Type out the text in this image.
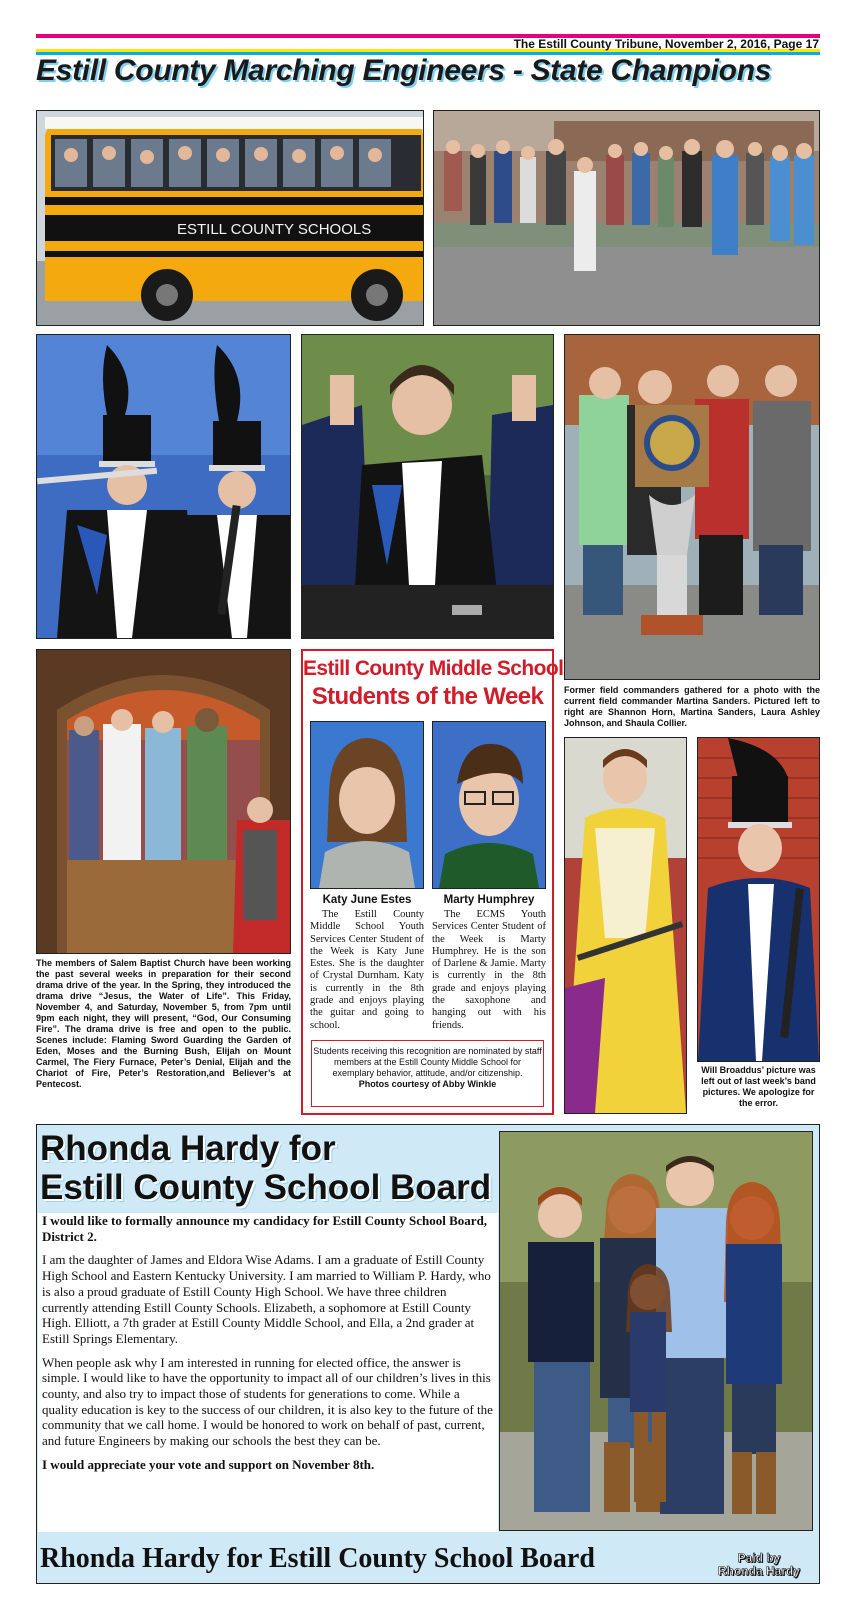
The Estill County Tribune, November 2, 2016, Page 17
Estill County Marching Engineers - State Champions
ESTILL COUNTY SCHOOLS
Former field commanders gathered for a photo with the current field commander Martina Sanders. Pictured left to right are Shannon Horn, Martina Sanders, Laura Ashley Johnson, and Shaula Collier.
The members of Salem Baptist Church have been working the past several weeks in preparation for their second drama drive of the year. In the Spring, they introduced the drama drive “Jesus, the Water of Life”. This Friday, November 4, and Saturday, November 5, from 7pm until 9pm each night, they will present, “God, Our Consuming Fire”. The drama drive is free and open to the public. Scenes include: Flaming Sword Guarding the Garden of Eden, Moses and the Burning Bush, Elijah on Mount Carmel, The Fiery Furnace, Peter’s Denial, Elijah and the Chariot of Fire, Peter’s Restoration,and Believer’s at Pentecost.
Estill County Middle School
Students of the Week
Katy June Estes	Marty Humphrey
The Estill County Middle School Youth Services Center Student of the Week is Katy June Estes. She is the daughter of Crystal Durnham. Katy is currently in the 8th grade and enjoys playing the guitar and going to school.
The ECMS Youth Services Center Student of the Week is Marty Humphrey. He is the son of Darlene & Jamie. Marty is currently in the 8th grade and enjoys playing the saxophone and hanging out with his friends.
Students receiving this recognition are nominated by staff members at the Estill County Middle School for exemplary behavior, attitude, and/or citizenship.
Photos courtesy of Abby Winkle
Will Broaddus’ picture was left out of last week’s band pictures. We apologize for the error.
Rhonda Hardy for
Estill County School Board

I would like to formally announce my candidacy for Estill County School Board, District 2.

I am the daughter of James and Eldora Wise Adams. I am a graduate of Estill County High School and Eastern Kentucky University. I am married to William P. Hardy, who is also a proud graduate of Estill County High School. We have three children currently attending Estill County Schools. Elizabeth, a sophomore at Estill County High. Elliott, a 7th grader at Estill County Middle School, and Ella, a 2nd grader at Estill Springs Elementary.

When people ask why I am interested in running for elected office, the answer is simple. I would like to have the opportunity to impact all of our children’s lives in this county, and also try to impact those of students for generations to come. While a quality education is key to the success of our children, it is also key to the future of the community that we call home. I would be honored to work on behalf of past, current, and future Engineers by making our schools the best they can be.

I would appreciate your vote and support on November 8th.

Rhonda Hardy for Estill County School Board	Paid by
Rhonda Hardy
